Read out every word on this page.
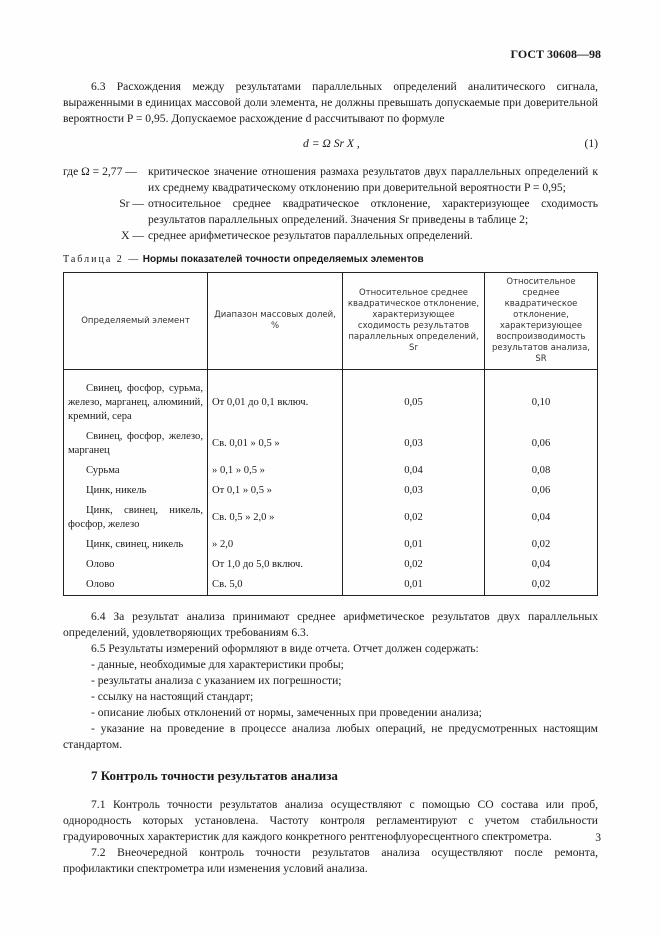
ГОСТ 30608—98

6.3 Расхождения между результатами параллельных определений аналитического сигнала, выраженными в единицах массовой доли элемента, не должны превышать допускаемые при доверительной вероятности P = 0,95. Допускаемое расхождение d рассчитывают по формуле

d = Ω Sr X ,	(1)
где Ω = 2,77 — критическое значение отношения размаха результатов двух параллельных определений к их среднему квадратическому отклонению при доверительной вероятности P = 0,95;
Sr — относительное среднее квадратическое отклонение, характеризующее сходимость результатов параллельных определений. Значения Sr приведены в таблице 2;
X — среднее арифметическое результатов параллельных определений.
Таблица 2 — Нормы показателей точности определяемых элементов
Определяемый элемент	Диапазон массовых долей, %	Относительное среднее квадратическое отклонение, характеризующее сходимость результатов параллельных определений, Sr	Относительное среднее квадратическое отклонение, характеризующее воспроизводимость результатов анализа, SR

Свинец, фосфор, сурьма, железо, марганец, алюминий, кремний, сера	От 0,01 до 0,1 включ.	0,05	0,10

Свинец, фосфор, железо, марганец	Св. 0,01 » 0,5 »	0,03	0,06

Сурьма	» 0,1 » 0,5 »	0,04	0,08

Цинк, никель	От 0,1 » 0,5 »	0,03	0,06

Цинк, свинец, никель, фосфор, железо	Св. 0,5 » 2,0 »	0,02	0,04

Цинк, свинец, никель	» 2,0	0,01	0,02

Олово	От 1,0 до 5,0 включ.	0,02	0,04

Олово	Св. 5,0	0,01	0,02

6.4 За результат анализа принимают среднее арифметическое результатов двух параллельных определений, удовлетворяющих требованиям 6.3.

6.5 Результаты измерений оформляют в виде отчета. Отчет должен содержать:

- данные, необходимые для характеристики пробы;

- результаты анализа с указанием их погрешности;

- ссылку на настоящий стандарт;

- описание любых отклонений от нормы, замеченных при проведении анализа;

- указание на проведение в процессе анализа любых операций, не предусмотренных настоящим стандартом.

7 Контроль точности результатов анализа

7.1 Контроль точности результатов анализа осуществляют с помощью СО состава или проб, однородность которых установлена. Частоту контроля регламентируют с учетом стабильности градуировочных характеристик для каждого конкретного рентгенофлуоресцентного спектрометра.

7.2 Внеочередной контроль точности результатов анализа осуществляют после ремонта, профилактики спектрометра или изменения условий анализа.

3
